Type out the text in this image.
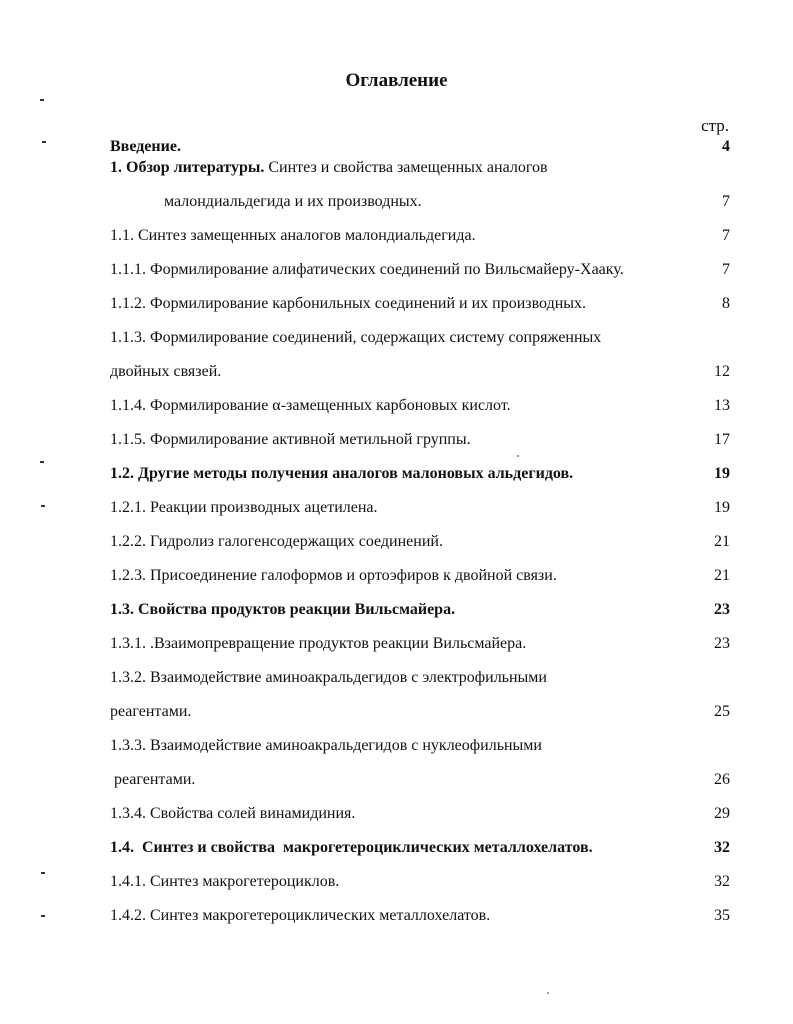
Оглавление
стр.
Введение.	4
1. Обзор литературы. Синтез и свойства замещенных аналогов
малондиальдегида и их производных.	7
1.1. Синтез замещенных аналогов малондиальдегида.	7
1.1.1. Формилирование алифатических соединений по Вильсмайеру-Хааку.	7
1.1.2. Формилирование карбонильных соединений и их производных.	8
1.1.3. Формилирование соединений, содержащих систему сопряженных
двойных связей.	12
1.1.4. Формилирование α-замещенных карбоновых кислот.	13
1.1.5. Формилирование активной метильной группы.	17
1.2. Другие методы получения аналогов малоновых альдегидов.	19
1.2.1. Реакции производных ацетилена.	19
1.2.2. Гидролиз галогенсодержащих соединений.	21
1.2.3. Присоединение галоформов и ортоэфиров к двойной связи.	21
1.3. Свойства продуктов реакции Вильсмайера.	23
1.3.1. .Взаимопревращение продуктов реакции Вильсмайера.	23
1.3.2. Взаимодействие аминоакральдегидов с электрофильными
реагентами.	25
1.3.3. Взаимодействие аминоакральдегидов с нуклеофильными
реагентами.	26
1.3.4. Свойства солей винамидиния.	29
1.4.  Синтез и свойства  макрогетероциклических металлохелатов.	32
1.4.1. Синтез макрогетероциклов.	32
1.4.2. Синтез макрогетероциклических металлохелатов.	35
